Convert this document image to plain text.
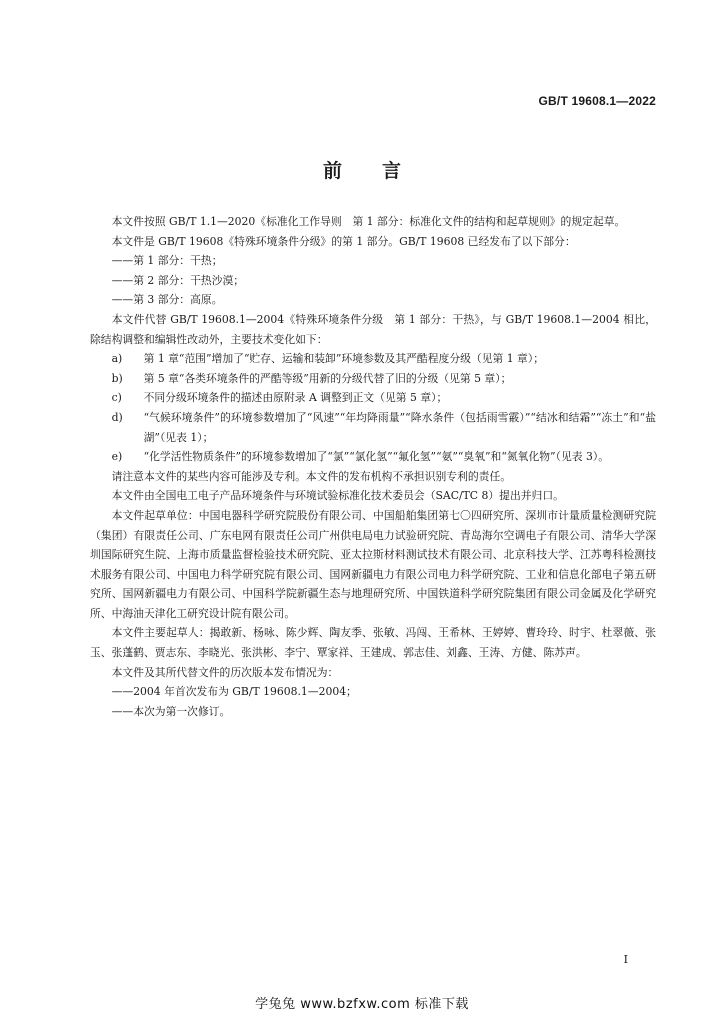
GB/T 19608.1—2022
前言

本文件按照 GB/T 1.1—2020《标准化工作导则　第 1 部分：标准化文件的结构和起草规则》的规定起草。

本文件是 GB/T 19608《特殊环境条件分级》的第 1 部分。GB/T 19608 已经发布了以下部分：

——第 1 部分：干热；

——第 2 部分：干热沙漠；

——第 3 部分：高原。

本文件代替 GB/T 19608.1—2004《特殊环境条件分级　第 1 部分：干热》，与 GB/T 19608.1—2004 相比，除结构调整和编辑性改动外，主要技术变化如下：

a)	第 1 章“范围”增加了“贮存、运输和装卸”环境参数及其严酷程度分级（见第 1 章）；
b)	第 5 章“各类环境条件的严酷等级”用新的分级代替了旧的分级（见第 5 章）；
c)	不同分级环境条件的描述由原附录 A 调整到正文（见第 5 章）；
d)	“气候环境条件”的环境参数增加了“风速”“年均降雨量”“降水条件（包括雨雪霰）”“结冰和结霜”“冻土”和“盐湖”（见表 1）；
e)	“化学活性物质条件”的环境参数增加了“氯”“氯化氢”“氟化氢”“氨”“臭氧”和“氮氧化物”（见表 3）。

请注意本文件的某些内容可能涉及专利。本文件的发布机构不承担识别专利的责任。

本文件由全国电工电子产品环境条件与环境试验标准化技术委员会（SAC/TC 8）提出并归口。

本文件起草单位：中国电器科学研究院股份有限公司、中国船舶集团第七〇四研究所、深圳市计量质量检测研究院（集团）有限责任公司、广东电网有限责任公司广州供电局电力试验研究院、青岛海尔空调电子有限公司、清华大学深圳国际研究生院、上海市质量监督检验技术研究院、亚太拉斯材料测试技术有限公司、北京科技大学、江苏粤科检测技术服务有限公司、中国电力科学研究院有限公司、国网新疆电力有限公司电力科学研究院、工业和信息化部电子第五研究所、国网新疆电力有限公司、中国科学院新疆生态与地理研究所、中国铁道科学研究院集团有限公司金属及化学研究所、中海油天津化工研究设计院有限公司。

本文件主要起草人：揭敢新、杨咏、陈少辉、陶友季、张敏、冯闯、王希林、王婷婷、曹玲玲、时宇、杜翠薇、张玉、张蓬鹤、贾志东、李晓光、张洪彬、李宁、覃家祥、王建成、郭志佳、刘鑫、王涛、方健、陈苏声。

本文件及其所代替文件的历次版本发布情况为：

——2004 年首次发布为 GB/T 19608.1—2004；

——本次为第一次修订。

I
学兔兔 www.bzfxw.com 标准下载
